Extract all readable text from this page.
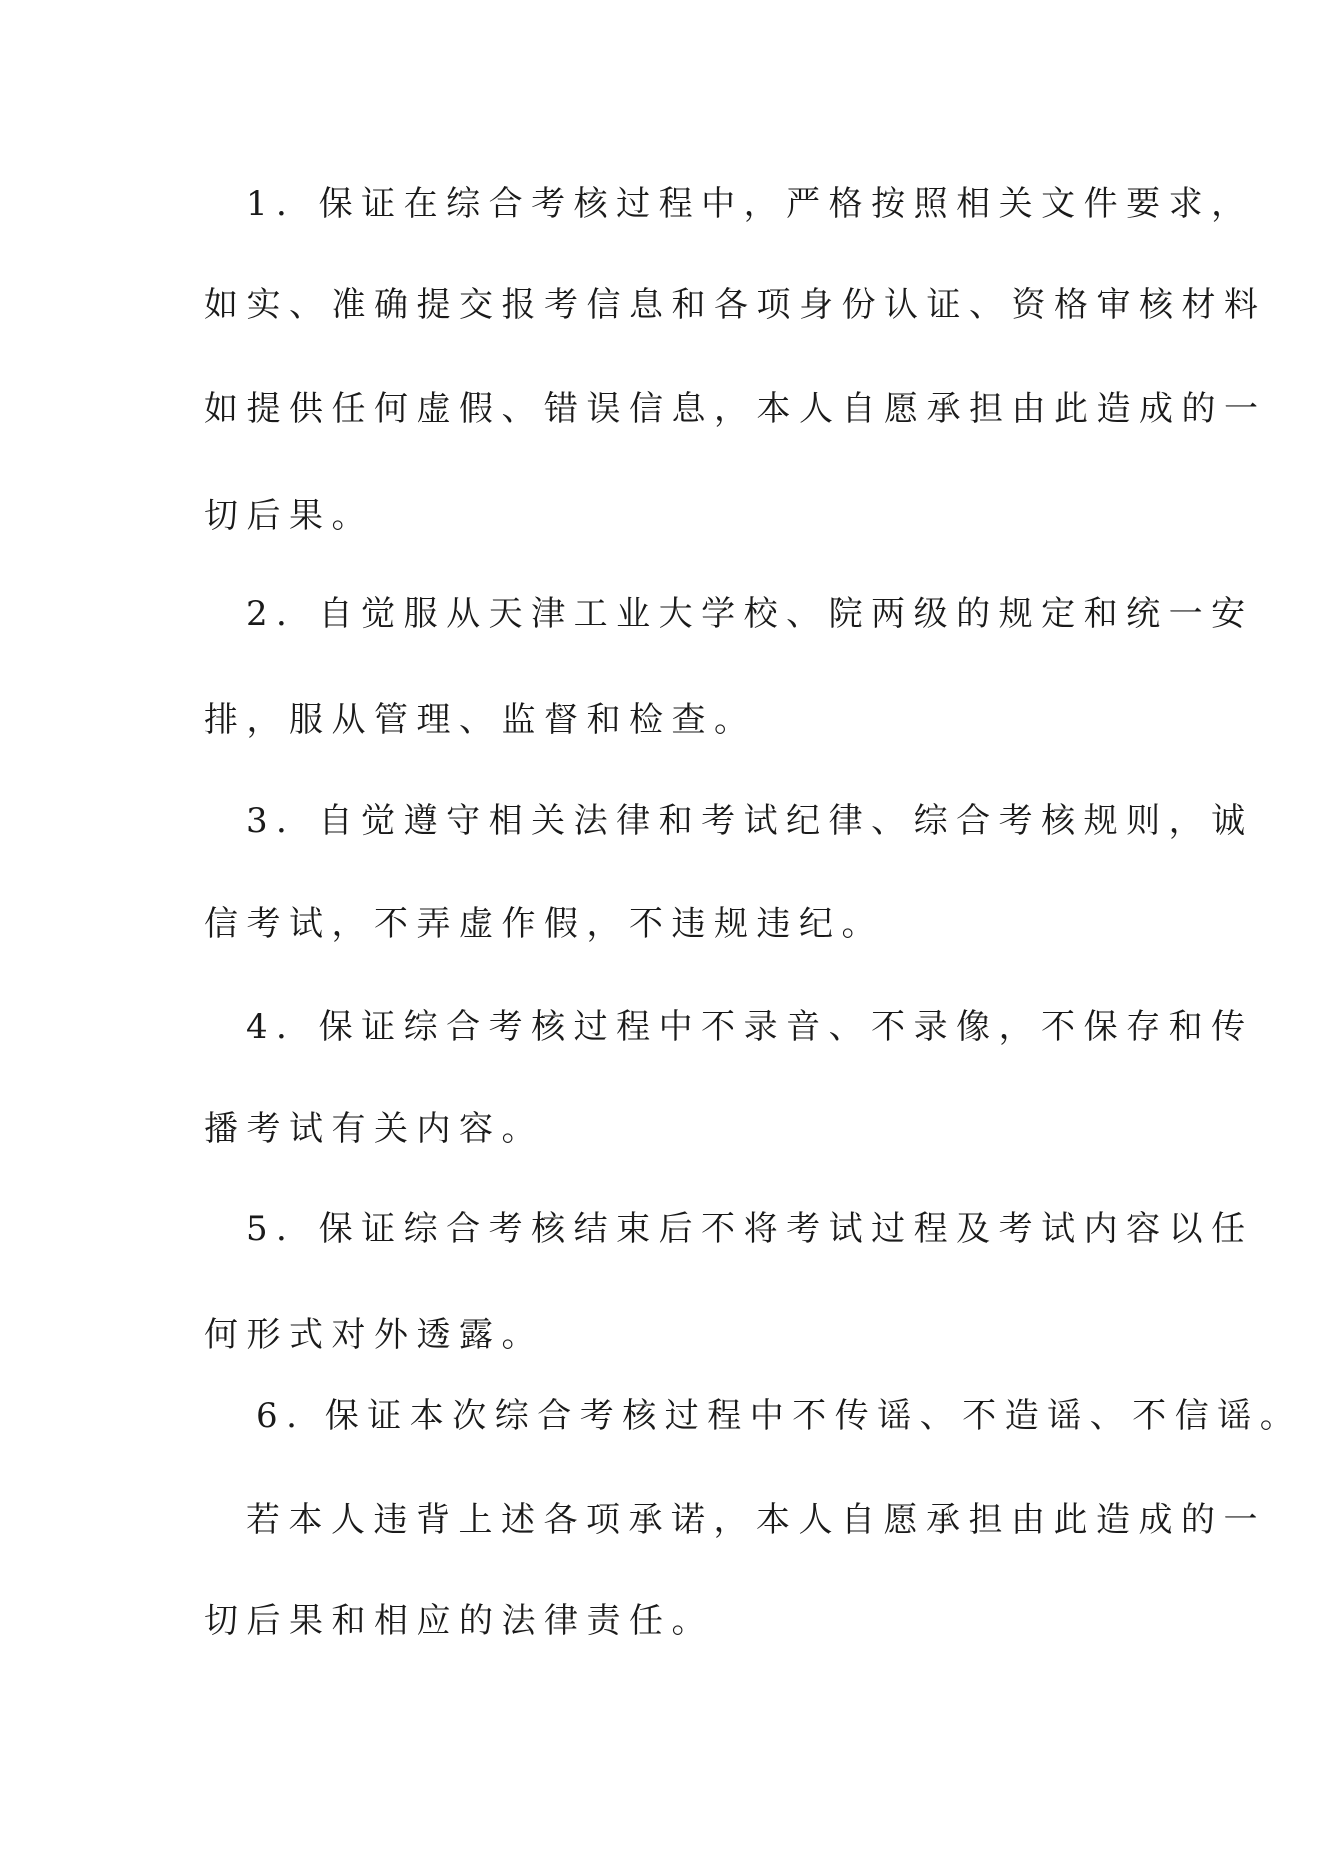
1．保证在综合考核过程中，严格按照相关文件要求，

如实、准确提交报考信息和各项身份认证、资格审核材料

如提供任何虚假、错误信息，本人自愿承担由此造成的一

切后果。

2．自觉服从天津工业大学校、院两级的规定和统一安

排，服从管理、监督和检查。

3．自觉遵守相关法律和考试纪律、综合考核规则，诚

信考试，不弄虚作假，不违规违纪。

4．保证综合考核过程中不录音、不录像，不保存和传

播考试有关内容。

5．保证综合考核结束后不将考试过程及考试内容以任

何形式对外透露。

6. 保证本次综合考核过程中不传谣、不造谣、不信谣。

若本人违背上述各项承诺，本人自愿承担由此造成的一

切后果和相应的法律责任。
